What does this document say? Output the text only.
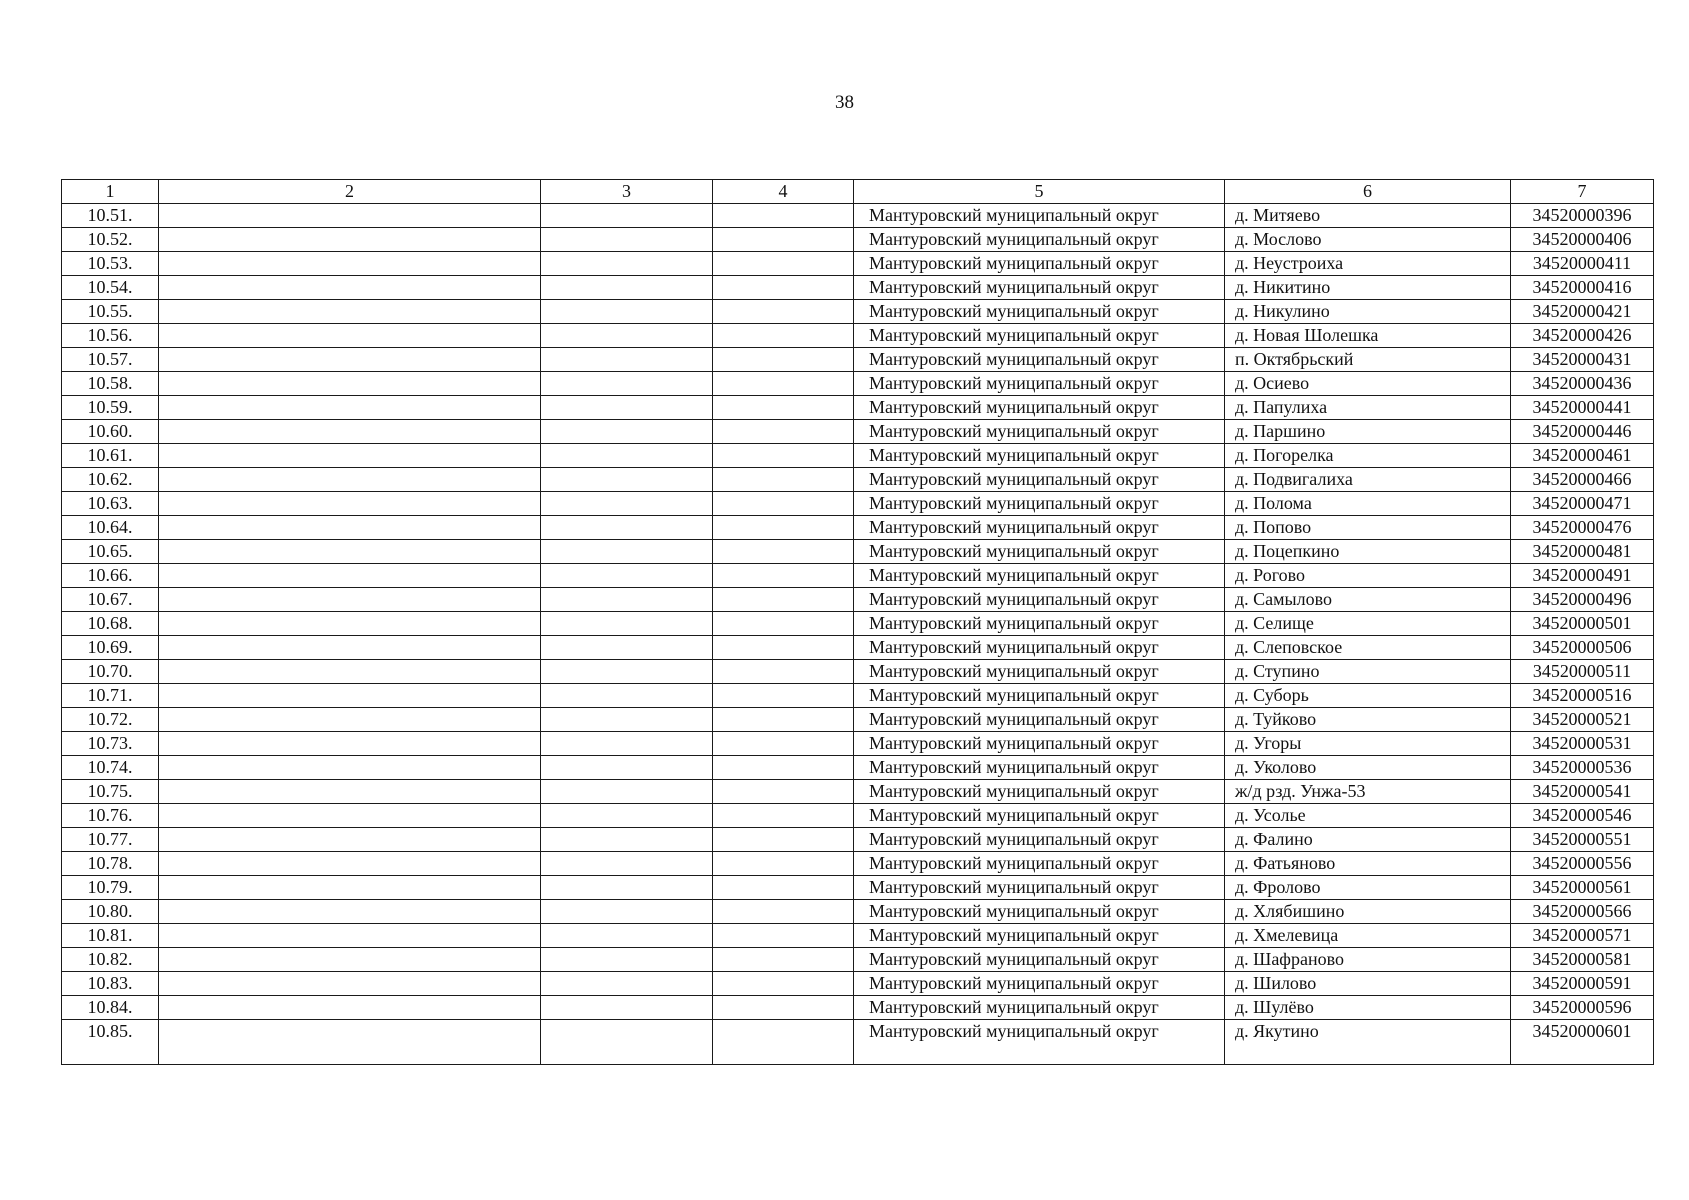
38
1	2	3	4	5	6	7
10.51.				Мантуровский муниципальный округ	д. Митяево	34520000396
10.52.				Мантуровский муниципальный округ	д. Мослово	34520000406
10.53.				Мантуровский муниципальный округ	д. Неустроиха	34520000411
10.54.				Мантуровский муниципальный округ	д. Никитино	34520000416
10.55.				Мантуровский муниципальный округ	д. Никулино	34520000421
10.56.				Мантуровский муниципальный округ	д. Новая Шолешка	34520000426
10.57.				Мантуровский муниципальный округ	п. Октябрьский	34520000431
10.58.				Мантуровский муниципальный округ	д. Осиево	34520000436
10.59.				Мантуровский муниципальный округ	д. Папулиха	34520000441
10.60.				Мантуровский муниципальный округ	д. Паршино	34520000446
10.61.				Мантуровский муниципальный округ	д. Погорелка	34520000461
10.62.				Мантуровский муниципальный округ	д. Подвигалиха	34520000466
10.63.				Мантуровский муниципальный округ	д. Полома	34520000471
10.64.				Мантуровский муниципальный округ	д. Попово	34520000476
10.65.				Мантуровский муниципальный округ	д. Поцепкино	34520000481
10.66.				Мантуровский муниципальный округ	д. Рогово	34520000491
10.67.				Мантуровский муниципальный округ	д. Самылово	34520000496
10.68.				Мантуровский муниципальный округ	д. Селище	34520000501
10.69.				Мантуровский муниципальный округ	д. Слеповское	34520000506
10.70.				Мантуровский муниципальный округ	д. Ступино	34520000511
10.71.				Мантуровский муниципальный округ	д. Суборь	34520000516
10.72.				Мантуровский муниципальный округ	д. Туйково	34520000521
10.73.				Мантуровский муниципальный округ	д. Угоры	34520000531
10.74.				Мантуровский муниципальный округ	д. Уколово	34520000536
10.75.				Мантуровский муниципальный округ	ж/д рзд. Унжа-53	34520000541
10.76.				Мантуровский муниципальный округ	д. Усолье	34520000546
10.77.				Мантуровский муниципальный округ	д. Фалино	34520000551
10.78.				Мантуровский муниципальный округ	д. Фатьяново	34520000556
10.79.				Мантуровский муниципальный округ	д. Фролово	34520000561
10.80.				Мантуровский муниципальный округ	д. Хлябишино	34520000566
10.81.				Мантуровский муниципальный округ	д. Хмелевица	34520000571
10.82.				Мантуровский муниципальный округ	д. Шафраново	34520000581
10.83.				Мантуровский муниципальный округ	д. Шилово	34520000591
10.84.				Мантуровский муниципальный округ	д. Шулёво	34520000596
10.85.				Мантуровский муниципальный округ	д. Якутино	34520000601
